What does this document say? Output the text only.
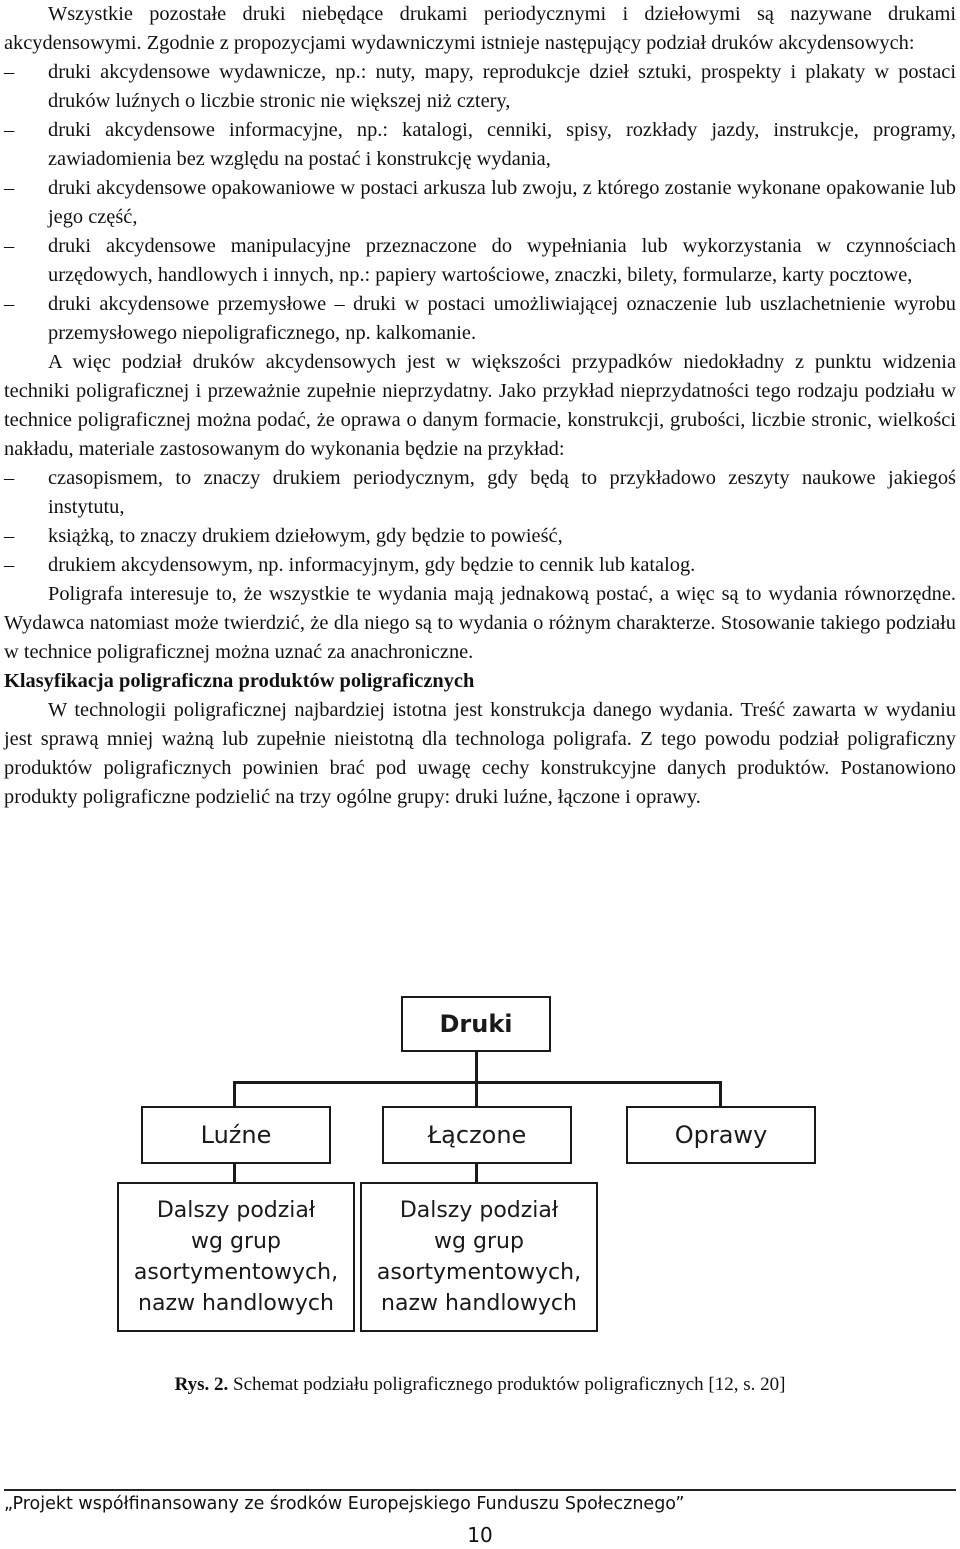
Wszystkie pozostałe druki niebędące drukami periodycznymi i dziełowymi są nazywane drukami akcydensowymi. Zgodnie z propozycjami wydawniczymi istnieje następujący podział druków akcydensowych:

–	druki akcydensowe wydawnicze, np.: nuty, mapy, reprodukcje dzieł sztuki, prospekty i plakaty w postaci druków luźnych o liczbie stronic nie większej niż cztery,

–	druki akcydensowe informacyjne, np.: katalogi, cenniki, spisy, rozkłady jazdy, instrukcje, programy, zawiadomienia bez względu na postać i konstrukcję wydania,

–	druki akcydensowe opakowaniowe w postaci arkusza lub zwoju, z którego zostanie wykonane opakowanie lub jego część,

–	druki akcydensowe manipulacyjne przeznaczone do wypełniania lub wykorzystania w czynnościach urzędowych, handlowych i innych, np.: papiery wartościowe, znaczki, bilety, formularze, karty pocztowe,

–	druki akcydensowe przemysłowe – druki w postaci umożliwiającej oznaczenie lub uszlachetnienie wyrobu przemysłowego niepoligraficznego, np. kalkomanie.

A więc podział druków akcydensowych jest w większości przypadków niedokładny z punktu widzenia techniki poligraficznej i przeważnie zupełnie nieprzydatny. Jako przykład nieprzydatności tego rodzaju podziału w technice poligraficznej można podać, że oprawa o danym formacie, konstrukcji, grubości, liczbie stronic, wielkości nakładu, materiale zastosowanym do wykonania będzie na przykład:

–	czasopismem, to znaczy drukiem periodycznym, gdy będą to przykładowo zeszyty naukowe jakiegoś instytutu,

–	książką, to znaczy drukiem dziełowym, gdy będzie to powieść,

–	drukiem akcydensowym, np. informacyjnym, gdy będzie to cennik lub katalog.

Poligrafa interesuje to, że wszystkie te wydania mają jednakową postać, a więc są to wydania równorzędne. Wydawca natomiast może twierdzić, że dla niego są to wydania o różnym charakterze. Stosowanie takiego podziału w technice poligraficznej można uznać za anachroniczne.

Klasyfikacja poligraficzna produktów poligraficznych

W technologii poligraficznej najbardziej istotna jest konstrukcja danego wydania. Treść zawarta w wydaniu jest sprawą mniej ważną lub zupełnie nieistotną dla technologa poligrafa. Z tego powodu podział poligraficzny produktów poligraficznych powinien brać pod uwagę cechy konstrukcyjne danych produktów. Postanowiono produkty poligraficzne podzielić na trzy ogólne grupy: druki luźne, łączone i oprawy.

Druki
Luźne	Łączone	Oprawy
Dalszy podział
wg grup
asortymentowych,
nazw handlowych
Dalszy podział
wg grup
asortymentowych,
nazw handlowych
Rys. 2. Schemat podziału poligraficznego produktów poligraficznych [12, s. 20]
„Projekt współfinansowany ze środków Europejskiego Funduszu Społecznego”
10
